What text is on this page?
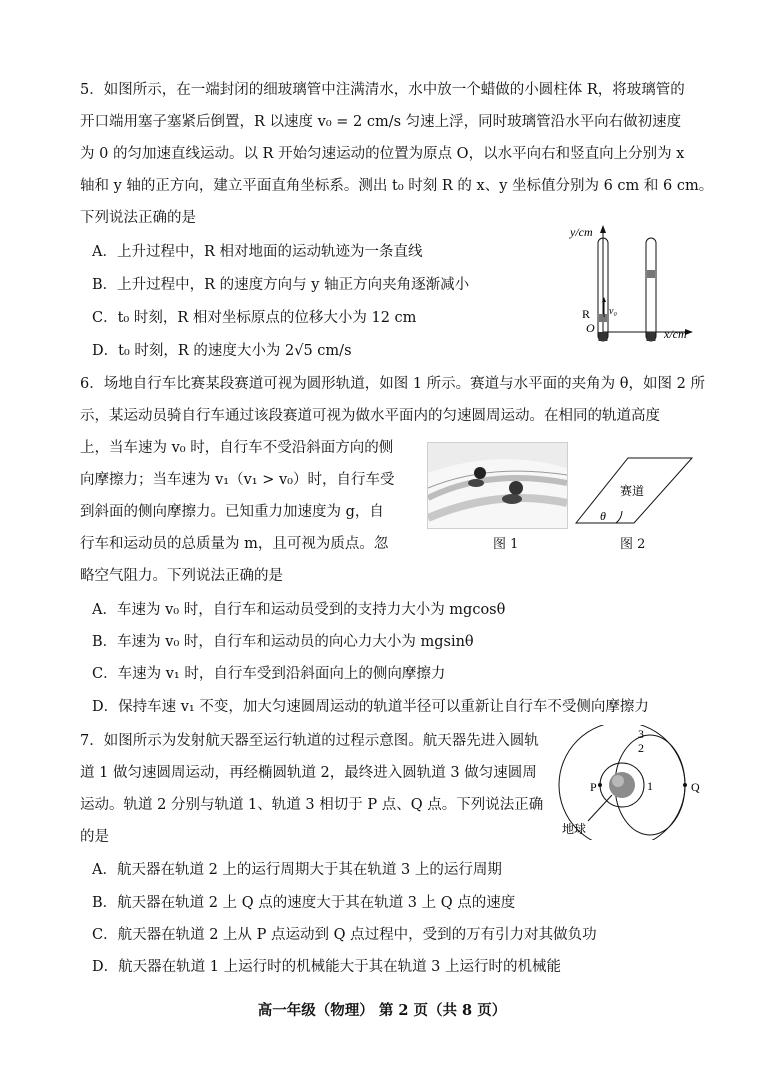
5．如图所示，在一端封闭的细玻璃管中注满清水，水中放一个蜡做的小圆柱体 R，将玻璃管的
开口端用塞子塞紧后倒置，R 以速度 v₀ = 2 cm/s 匀速上浮，同时玻璃管沿水平向右做初速度
为 0 的匀加速直线运动。以 R 开始匀速运动的位置为原点 O，以水平向右和竖直向上分别为 x
轴和 y 轴的正方向，建立平面直角坐标系。测出 t₀ 时刻 R 的 x、y 坐标值分别为 6 cm 和 6 cm。
下列说法正确的是
A．上升过程中，R 相对地面的运动轨迹为一条直线
B．上升过程中，R 的速度方向与 y 轴正方向夹角逐渐减小
C．t₀ 时刻，R 相对坐标原点的位移大小为 12 cm
D．t₀ 时刻，R 的速度大小为 2√5 cm/s
y/cm
x/cm
O
R v₀
6．场地自行车比赛某段赛道可视为圆形轨道，如图 1 所示。赛道与水平面的夹角为 θ，如图 2 所
示，某运动员骑自行车通过该段赛道可视为做水平面内的匀速圆周运动。在相同的轨道高度
上，当车速为 v₀ 时，自行车不受沿斜面方向的侧
向摩擦力；当车速为 v₁（v₁ > v₀）时，自行车受
到斜面的侧向摩擦力。已知重力加速度为 g，自
行车和运动员的总质量为 m，且可视为质点。忽
略空气阻力。下列说法正确的是
A．车速为 v₀ 时，自行车和运动员受到的支持力大小为 mgcosθ
B．车速为 v₀ 时，自行车和运动员的向心力大小为 mgsinθ
C．车速为 v₁ 时，自行车受到沿斜面向上的侧向摩擦力
D．保持车速 v₁ 不变，加大匀速圆周运动的轨道半径可以重新让自行车不受侧向摩擦力
图 1
赛道
θ
图 2
7．如图所示为发射航天器至运行轨道的过程示意图。航天器先进入圆轨
道 1 做匀速圆周运动，再经椭圆轨道 2，最终进入圆轨道 3 做匀速圆周
运动。轨道 2 分别与轨道 1、轨道 3 相切于 P 点、Q 点。下列说法正确
的是
A．航天器在轨道 2 上的运行周期大于其在轨道 3 上的运行周期
B．航天器在轨道 2 上 Q 点的速度大于其在轨道 3 上 Q 点的速度
C．航天器在轨道 2 上从 P 点运动到 Q 点过程中，受到的万有引力对其做负功
D．航天器在轨道 1 上运行时的机械能大于其在轨道 3 上运行时的机械能
3
2
1
P	Q
地球
高一年级（物理） 第 2 页（共 8 页）
